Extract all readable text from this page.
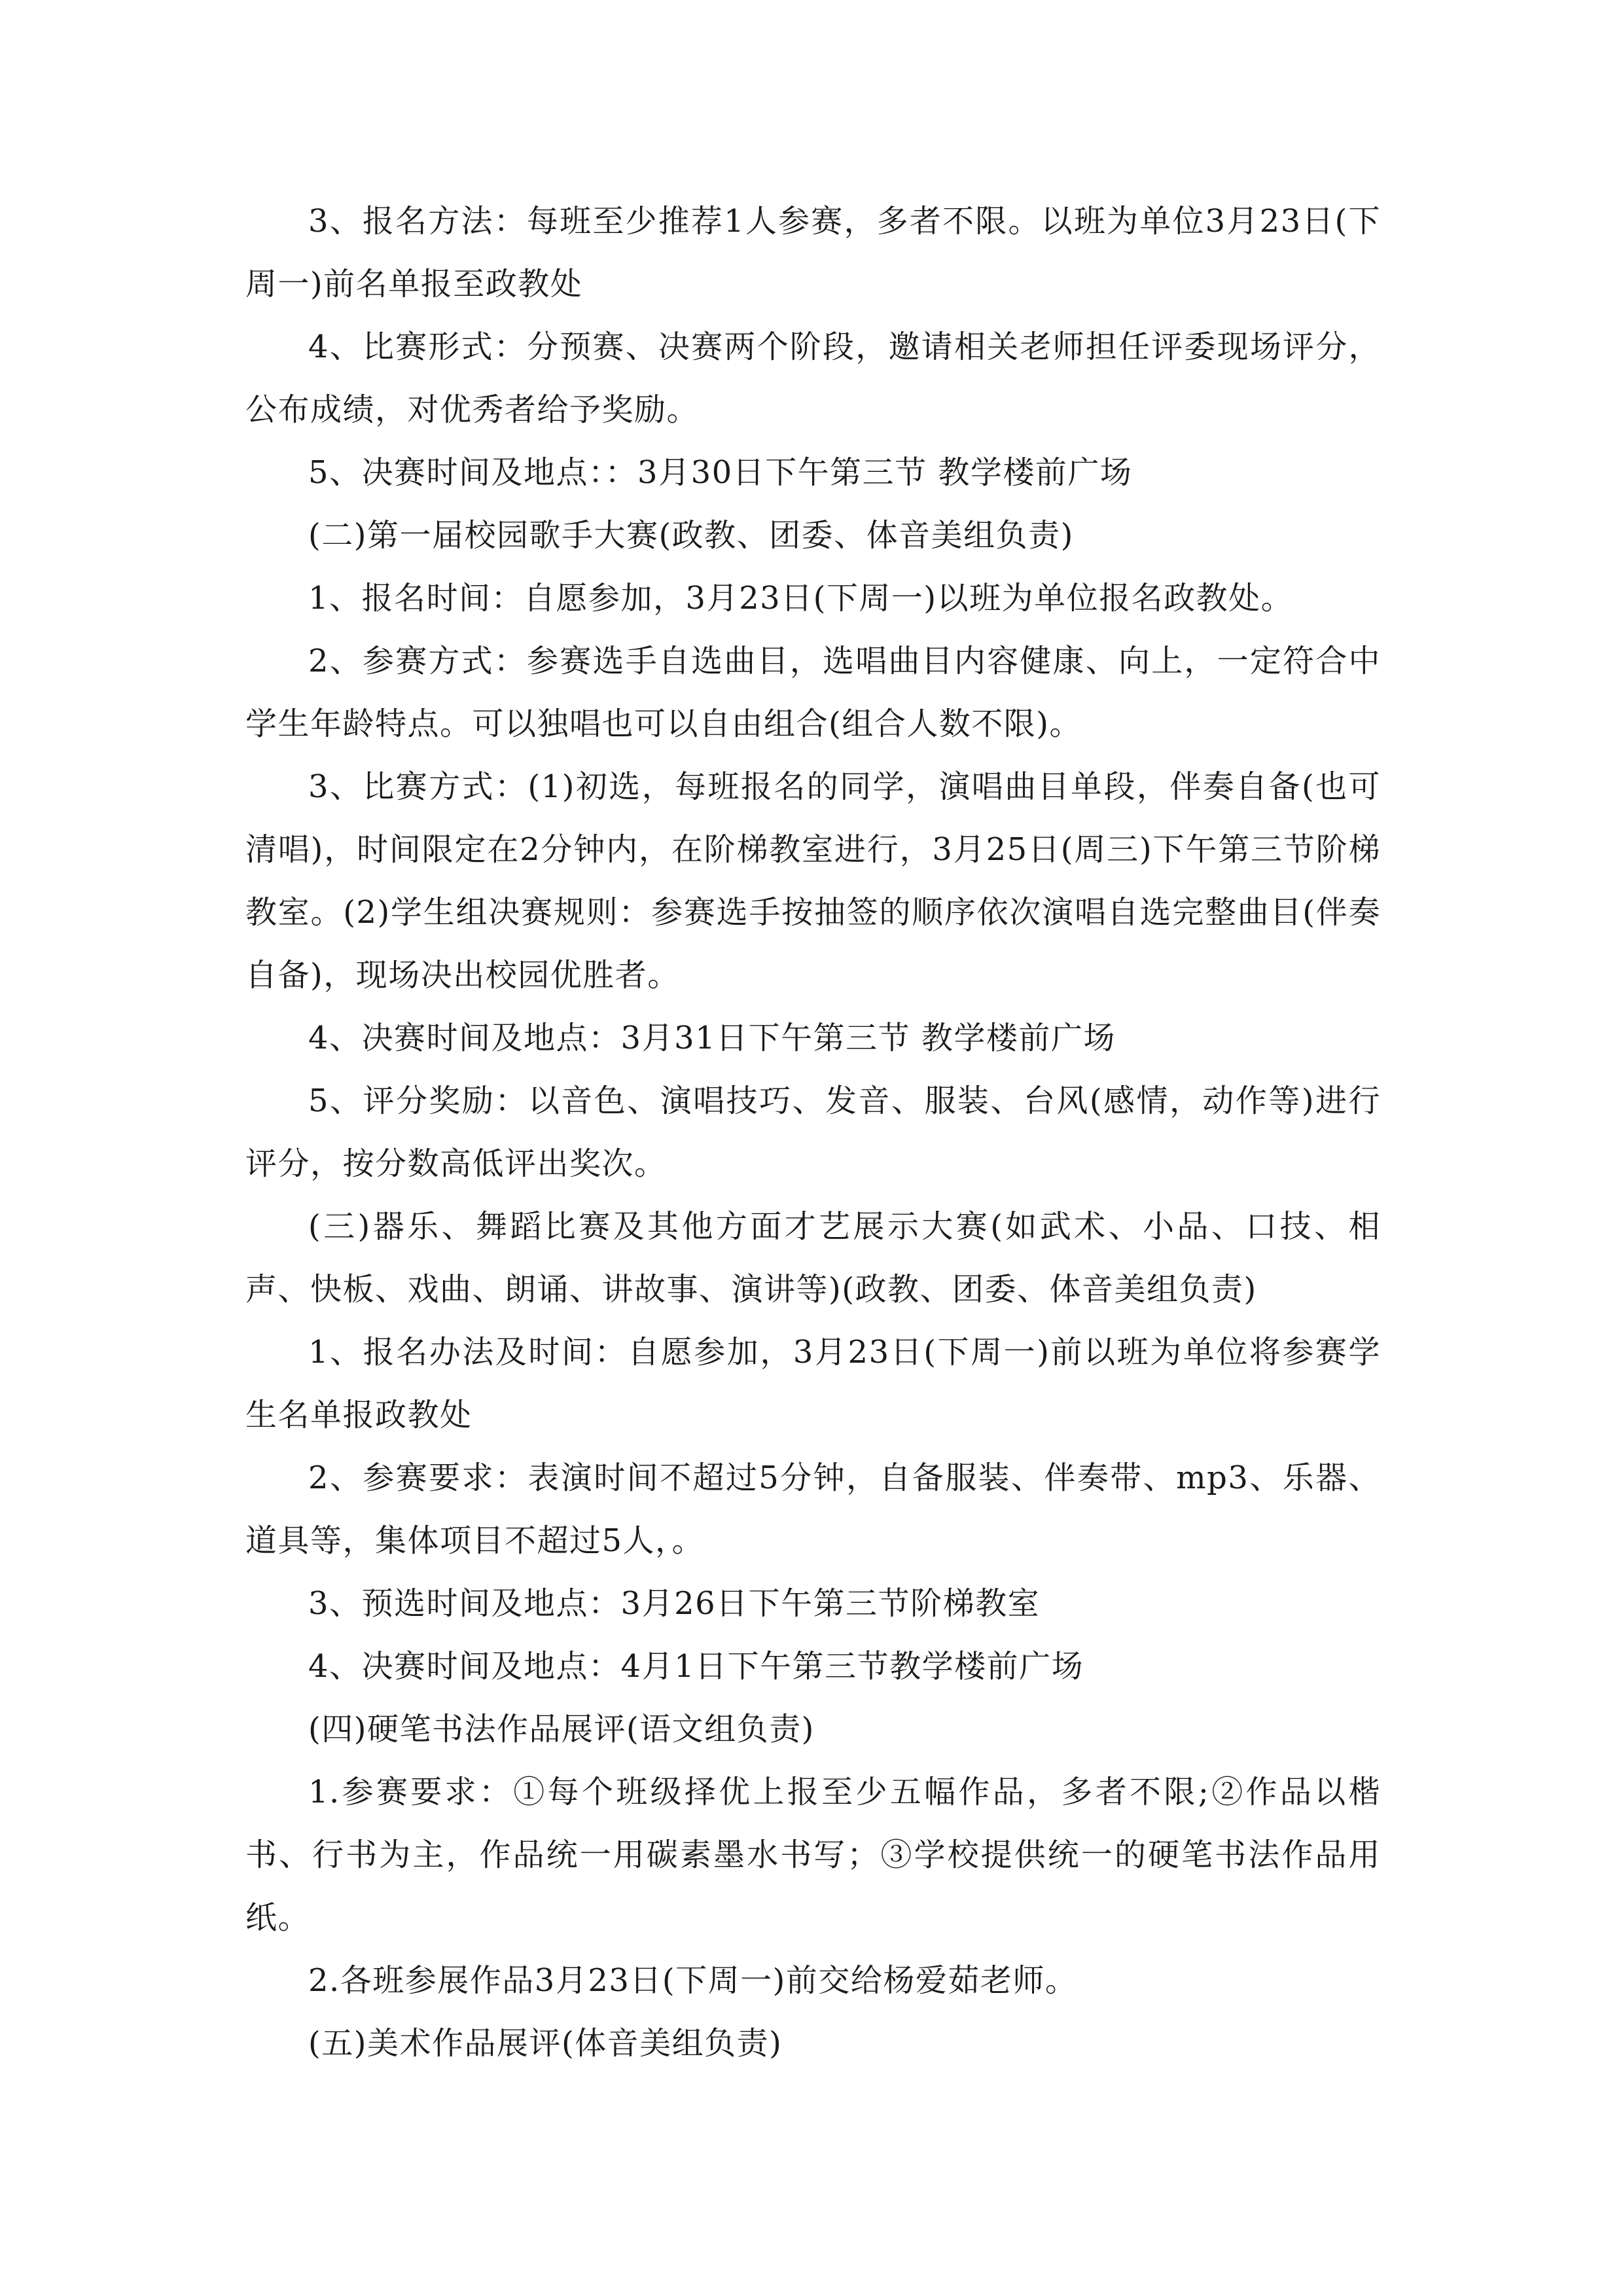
3、报名方法：每班至少推荐1人参赛，多者不限。以班为单位3月23日(下周一)前名单报至政教处

4、比赛形式：分预赛、决赛两个阶段，邀请相关老师担任评委现场评分，公布成绩，对优秀者给予奖励。

5、决赛时间及地点：：3月30日下午第三节 教学楼前广场

(二)第一届校园歌手大赛(政教、团委、体音美组负责)

1、报名时间：自愿参加，3月23日(下周一)以班为单位报名政教处。

2、参赛方式：参赛选手自选曲目，选唱曲目内容健康、向上，一定符合中学生年龄特点。可以独唱也可以自由组合(组合人数不限)。

3、比赛方式：(1)初选，每班报名的同学，演唱曲目单段，伴奏自备(也可清唱)，时间限定在2分钟内，在阶梯教室进行，3月25日(周三)下午第三节阶梯教室。(2)学生组决赛规则：参赛选手按抽签的顺序依次演唱自选完整曲目(伴奏自备)，现场决出校园优胜者。

4、决赛时间及地点：3月31日下午第三节 教学楼前广场

5、评分奖励：以音色、演唱技巧、发音、服装、台风(感情，动作等)进行评分，按分数高低评出奖次。

(三)器乐、舞蹈比赛及其他方面才艺展示大赛(如武术、小品、口技、相声、快板、戏曲、朗诵、讲故事、演讲等)(政教、团委、体音美组负责)

1、报名办法及时间：自愿参加，3月23日(下周一)前以班为单位将参赛学生名单报政教处

2、参赛要求：表演时间不超过5分钟，自备服装、伴奏带、mp3、乐器、道具等，集体项目不超过5人，。

3、预选时间及地点：3月26日下午第三节阶梯教室

4、决赛时间及地点：4月1日下午第三节教学楼前广场

(四)硬笔书法作品展评(语文组负责)

1.参赛要求：①每个班级择优上报至少五幅作品，多者不限;②作品以楷书、行书为主，作品统一用碳素墨水书写；③学校提供统一的硬笔书法作品用纸。

2.各班参展作品3月23日(下周一)前交给杨爱茹老师。

(五)美术作品展评(体音美组负责)
